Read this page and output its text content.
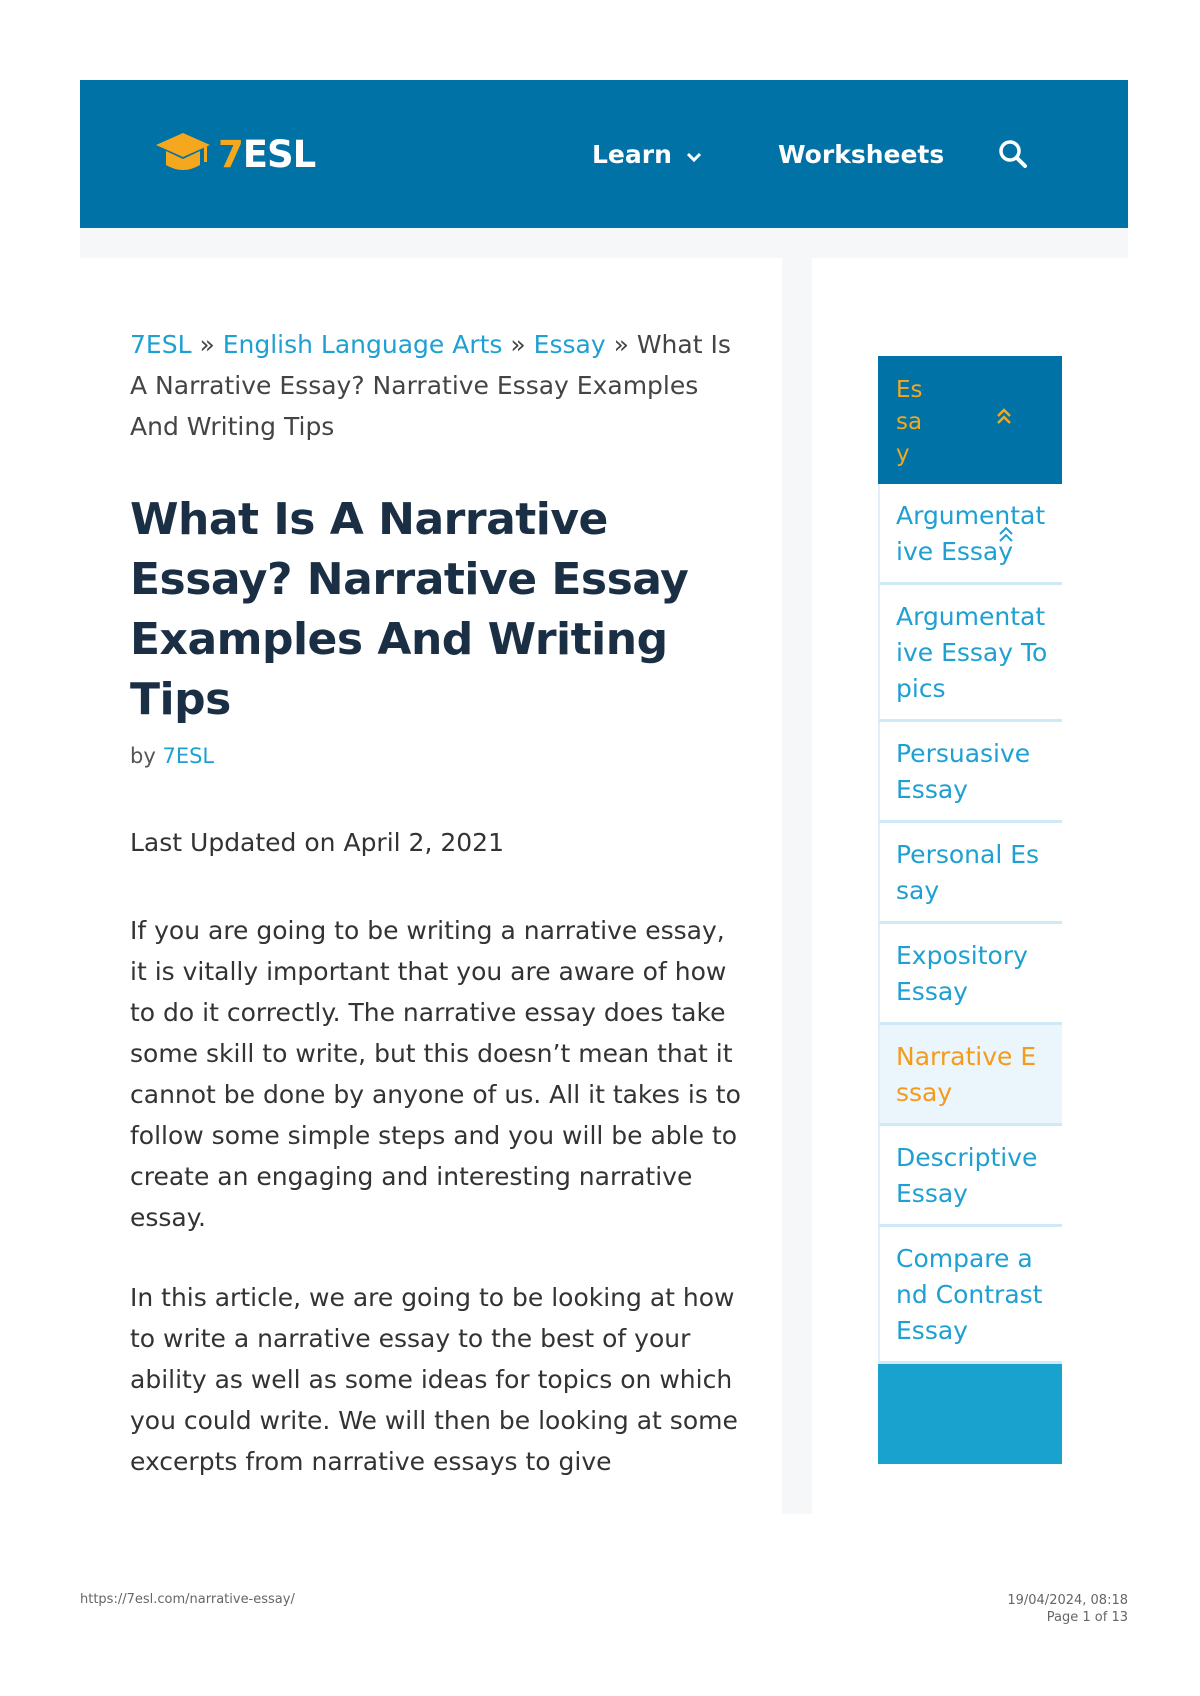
7ESL	Learn	Worksheets
7ESL » English Language Arts » Essay » What Is A Narrative Essay? Narrative Essay Examples And Writing Tips
What Is A Narrative Essay? Narrative Essay Examples And Writing Tips
by 7ESL
Last Updated on April 2, 2021

If you are going to be writing a narrative essay, it is vitally important that you are aware of how to do it correctly. The narrative essay does take some skill to write, but this doesn’t mean that it cannot be done by anyone of us. All it takes is to follow some simple steps and you will be able to create an engaging and interesting narrative essay.

In this article, we are going to be looking at how to write a narrative essay to the best of your ability as well as some ideas for topics on which you could write. We will then be looking at some excerpts from narrative essays to give

Essay
Argumentative Essay
Argumentative Essay Topics
Persuasive Essay
Personal Essay
Expository Essay
Narrative Essay
Descriptive Essay
Compare and Contrast Essay
https://7esl.com/narrative-essay/	19/04/2024, 08:18
Page 1 of 13
